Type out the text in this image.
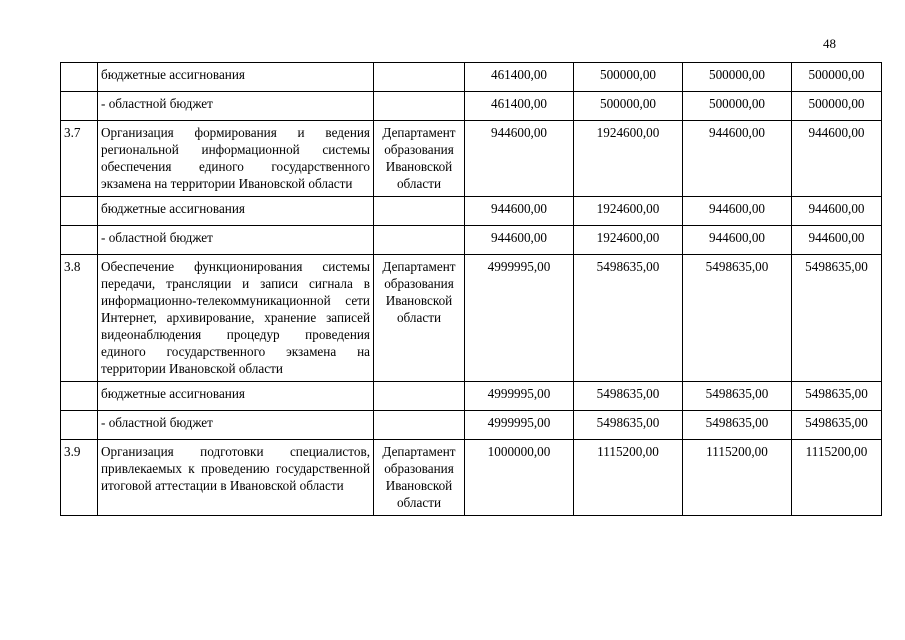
48
	бюджетные ассигнования		461400,00	500000,00	500000,00	500000,00
	- областной бюджет		461400,00	500000,00	500000,00	500000,00
3.7	Организация формирования и ведения региональной информационной системы обеспечения единого государственного экзамена на территории Ивановской области	Департамент образования Ивановской области	944600,00	1924600,00	944600,00	944600,00
	бюджетные ассигнования		944600,00	1924600,00	944600,00	944600,00
	- областной бюджет		944600,00	1924600,00	944600,00	944600,00
3.8	Обеспечение функционирования системы передачи, трансляции и записи сигнала в информационно-телекоммуникационной сети Интернет, архивирование, хранение записей видеонаблюдения процедур проведения единого государственного экзамена на территории Ивановской области	Департамент образования Ивановской области	4999995,00	5498635,00	5498635,00	5498635,00
	бюджетные ассигнования		4999995,00	5498635,00	5498635,00	5498635,00
	- областной бюджет		4999995,00	5498635,00	5498635,00	5498635,00
3.9	Организация подготовки специалистов, привлекаемых к проведению государственной итоговой аттестации в Ивановской области	Департамент образования Ивановской области	1000000,00	1115200,00	1115200,00	1115200,00
